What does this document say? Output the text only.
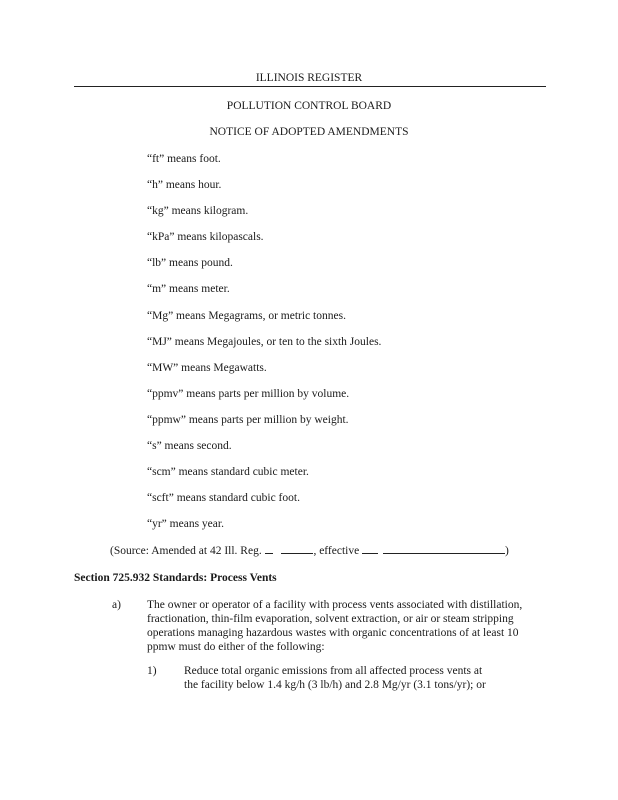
ILLINOIS REGISTER
POLLUTION CONTROL BOARD
NOTICE OF ADOPTED AMENDMENTS
“ft” means foot.
“h” means hour.
“kg” means kilogram.
“kPa” means kilopascals.
“lb” means pound.
“m” means meter.
“Mg” means Megagrams, or metric tonnes.
“MJ” means Megajoules, or ten to the sixth Joules.
“MW” means Megawatts.
“ppmv” means parts per million by volume.
“ppmw” means parts per million by weight.
“s” means second.
“scm” means standard cubic meter.
“scft” means standard cubic foot.
“yr” means year.
(Source: Amended at 42 Ill. Reg.	, effective	)
Section 725.932 Standards: Process Vents
a) The owner or operator of a facility with process vents associated with distillation, fractionation, thin-film evaporation, solvent extraction, or air or steam stripping operations managing hazardous wastes with organic concentrations of at least 10 ppmw must do either of the following:
1) Reduce total organic emissions from all affected process vents at the facility below 1.4 kg/h (3 lb/h) and 2.8 Mg/yr (3.1 tons/yr); or
